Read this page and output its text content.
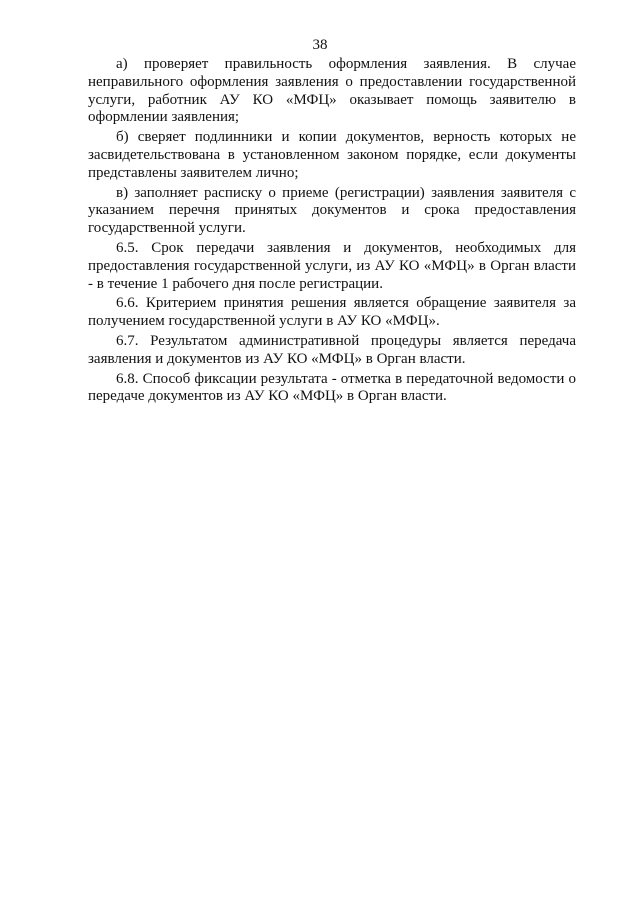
38

а) проверяет правильность оформления заявления. В случае неправильного оформления заявления о предоставлении государственной услуги, работник АУ КО «МФЦ» оказывает помощь заявителю в оформлении заявления;

б) сверяет подлинники и копии документов, верность которых не засвидетельствована в установленном законом порядке, если документы представлены заявителем лично;

в) заполняет расписку о приеме (регистрации) заявления заявителя с указанием перечня принятых документов и срока предоставления государственной услуги.

6.5. Срок передачи заявления и документов, необходимых для предоставления государственной услуги, из АУ КО «МФЦ» в Орган власти - в течение 1 рабочего дня после регистрации.

6.6. Критерием принятия решения является обращение заявителя за получением государственной услуги в АУ КО «МФЦ».

6.7. Результатом административной процедуры является передача заявления и документов из АУ КО «МФЦ» в Орган власти.

6.8. Способ фиксации результата - отметка в передаточной ведомости о передаче документов из АУ КО «МФЦ» в Орган власти.
